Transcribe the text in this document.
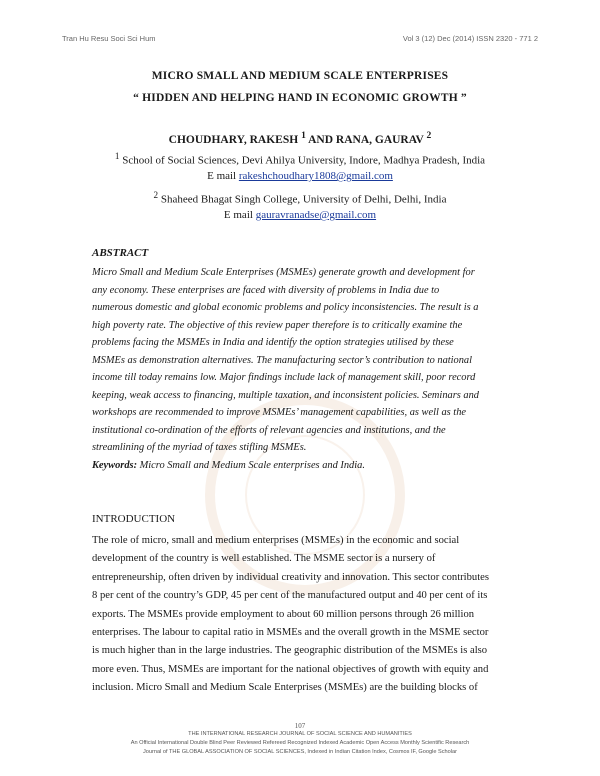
Tran Hu Resu Soci Sci Hum	Vol 3 (12) Dec (2014) ISSN 2320 - 771 2
MICRO SMALL AND MEDIUM SCALE ENTERPRISES
“ HIDDEN AND HELPING HAND IN ECONOMIC GROWTH ”
CHOUDHARY, RAKESH $^1$ AND RANA, GAURAV $^2$
$^1$ School of Social Sciences, Devi Ahilya University, Indore, Madhya Pradesh, India
E mail rakeshchoudhary1808@gmail.com
$^2$ Shaheed Bhagat Singh College, University of Delhi, Delhi, India
E mail gauravranadse@gmail.com
ABSTRACT
Micro Small and Medium Scale Enterprises (MSMEs) generate growth and development for
any economy. These enterprises are faced with diversity of problems in India due to
numerous domestic and global economic problems and policy inconsistencies. The result is a
high poverty rate. The objective of this review paper therefore is to critically examine the
problems facing the MSMEs in India and identify the option strategies utilised by these
MSMEs as demonstration alternatives. The manufacturing sector’s contribution to national
income till today remains low. Major findings include lack of management skill, poor record
keeping, weak access to financing, multiple taxation, and inconsistent policies. Seminars and
workshops are recommended to improve MSMEs’ management capabilities, as well as the
institutional co-ordination of the efforts of relevant agencies and institutions, and the
streamlining of the myriad of taxes stifling MSMEs.
Keywords: Micro Small and Medium Scale enterprises and India.
INTRODUCTION
The role of micro, small and medium enterprises (MSMEs) in the economic and social
development of the country is well established. The MSME sector is a nursery of
entrepreneurship, often driven by individual creativity and innovation. This sector contributes
8 per cent of the country’s GDP, 45 per cent of the manufactured output and 40 per cent of its
exports. The MSMEs provide employment to about 60 million persons through 26 million
enterprises. The labour to capital ratio in MSMEs and the overall growth in the MSME sector
is much higher than in the large industries. The geographic distribution of the MSMEs is also
more even. Thus, MSMEs are important for the national objectives of growth with equity and
inclusion. Micro Small and Medium Scale Enterprises (MSMEs) are the building blocks of
107
THE INTERNATIONAL RESEARCH JOURNAL OF SOCIAL SCIENCE AND HUMANITIES
An Official International Double Blind Peer Reviewed Refereed Recognized Indexed Academic Open Access Monthly Scientific Research
Journal of THE GLOBAL ASSOCIATION OF SOCIAL SCIENCES, Indexed in Indian Citation Index, Cosmos IF, Google Scholar
